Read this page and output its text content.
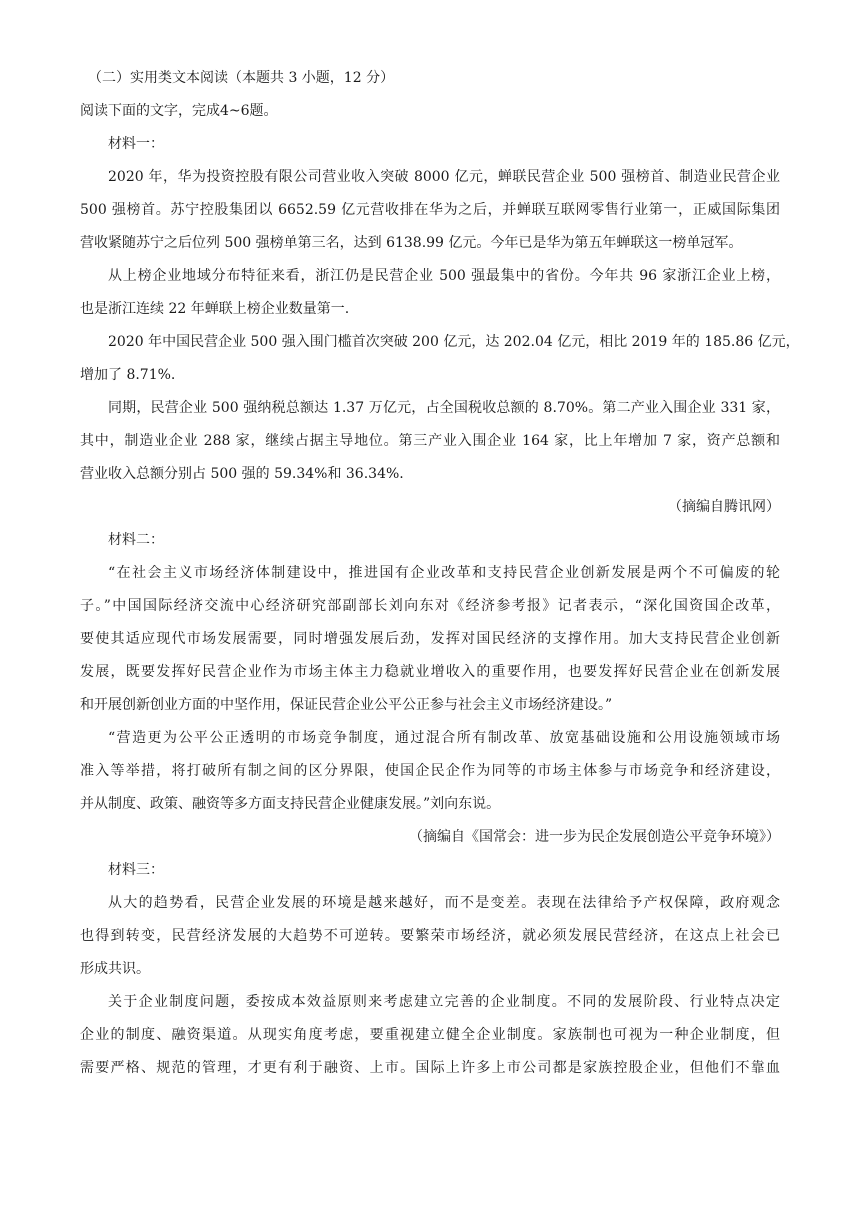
（二）实用类文本阅读（本题共 3 小题，12 分）

阅读下面的文字，完成4~6题。

材料一：

2020 年，华为投资控股有限公司营业收入突破 8000 亿元，蝉联民营企业 500 强榜首、制造业民营企业

500 强榜首。苏宁控股集团以 6652.59 亿元营收排在华为之后，并蝉联互联网零售行业第一，正威国际集团

营收紧随苏宁之后位列 500 强榜单第三名，达到 6138.99 亿元。今年已是华为第五年蝉联这一榜单冠军。

从上榜企业地域分布特征来看，浙江仍是民营企业 500 强最集中的省份。今年共 96 家浙江企业上榜，

也是浙江连续 22 年蝉联上榜企业数量第一.

2020 年中国民营企业 500 强入围门槛首次突破 200 亿元，达 202.04 亿元，相比 2019 年的 185.86 亿元，

增加了 8.71%.

同期，民营企业 500 强纳税总额达 1.37 万亿元，占全国税收总额的 8.70%。第二产业入围企业 331 家，

其中，制造业企业 288 家，继续占据主导地位。第三产业入围企业 164 家，比上年增加 7 家，资产总额和

营业收入总额分别占 500 强的 59.34%和 36.34%.

（摘编自腾讯网）

材料二：

“在社会主义市场经济体制建设中，推进国有企业改革和支持民营企业创新发展是两个不可偏废的轮

子。”中国国际经济交流中心经济研究部副部长刘向东对《经济参考报》记者表示，“深化国资国企改革，

要使其适应现代市场发展需要，同时增强发展后劲，发挥对国民经济的支撑作用。加大支持民营企业创新

发展，既要发挥好民营企业作为市场主体主力稳就业增收入的重要作用，也要发挥好民营企业在创新发展

和开展创新创业方面的中坚作用，保证民营企业公平公正参与社会主义市场经济建设。”

“营造更为公平公正透明的市场竞争制度，通过混合所有制改革、放宽基础设施和公用设施领域市场

准入等举措，将打破所有制之间的区分界限，使国企民企作为同等的市场主体参与市场竞争和经济建设，

并从制度、政策、融资等多方面支持民营企业健康发展。”刘向东说。

（摘编自《国常会：进一步为民企发展创造公平竞争环境》）

材料三：

从大的趋势看，民营企业发展的环境是越来越好，而不是变差。表现在法律给予产权保障，政府观念

也得到转变，民营经济发展的大趋势不可逆转。要繁荣市场经济，就必须发展民营经济，在这点上社会已

形成共识。

关于企业制度问题，委按成本效益原则来考虑建立完善的企业制度。不同的发展阶段、行业特点决定

企业的制度、融资渠道。从现实角度考虑，要重视建立健全企业制度。家族制也可视为一种企业制度，但

需要严格、规范的管理，才更有利于融资、上市。国际上许多上市公司都是家族控股企业，但他们不靠血
